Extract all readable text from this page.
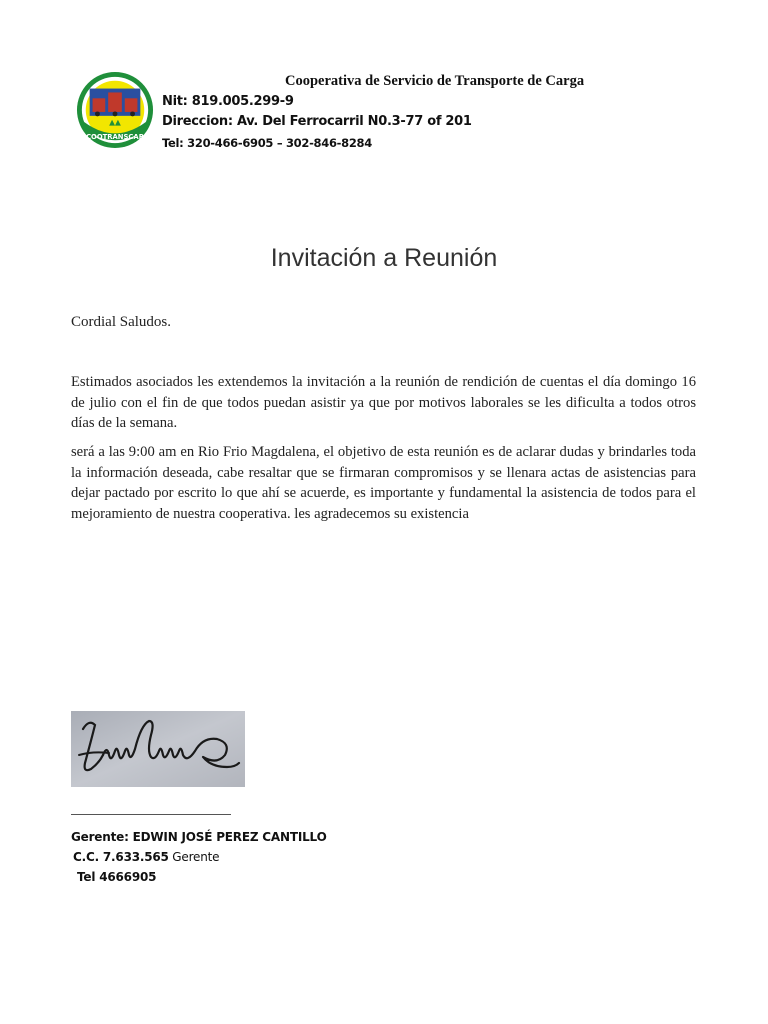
COOTRANSCAR
Cooperativa de Servicio de Transporte de Carga
Nit: 819.005.299-9
Direccion: Av. Del Ferrocarril N0.3-77 of 201
Tel: 320-466-6905 – 302-846-8284
Invitación a Reunión
Cordial Saludos.

Estimados asociados les extendemos la invitación a la reunión de rendición de cuentas el día domingo 16 de julio con el fin de que todos puedan asistir ya que por motivos laborales se les dificulta a todos otros días de la semana.

será a las 9:00 am en Rio Frio Magdalena, el objetivo de esta reunión es de aclarar dudas y brindarles toda la información deseada, cabe resaltar que se firmaran compromisos y se llenara actas de asistencias para dejar pactado por escrito lo que ahí se acuerde, es importante y fundamental la asistencia de todos para el mejoramiento de nuestra cooperativa. les agradecemos su existencia

Gerente: EDWIN JOSÉ PEREZ CANTILLO
C.C. 7.633.565 Gerente
Tel 4666905
